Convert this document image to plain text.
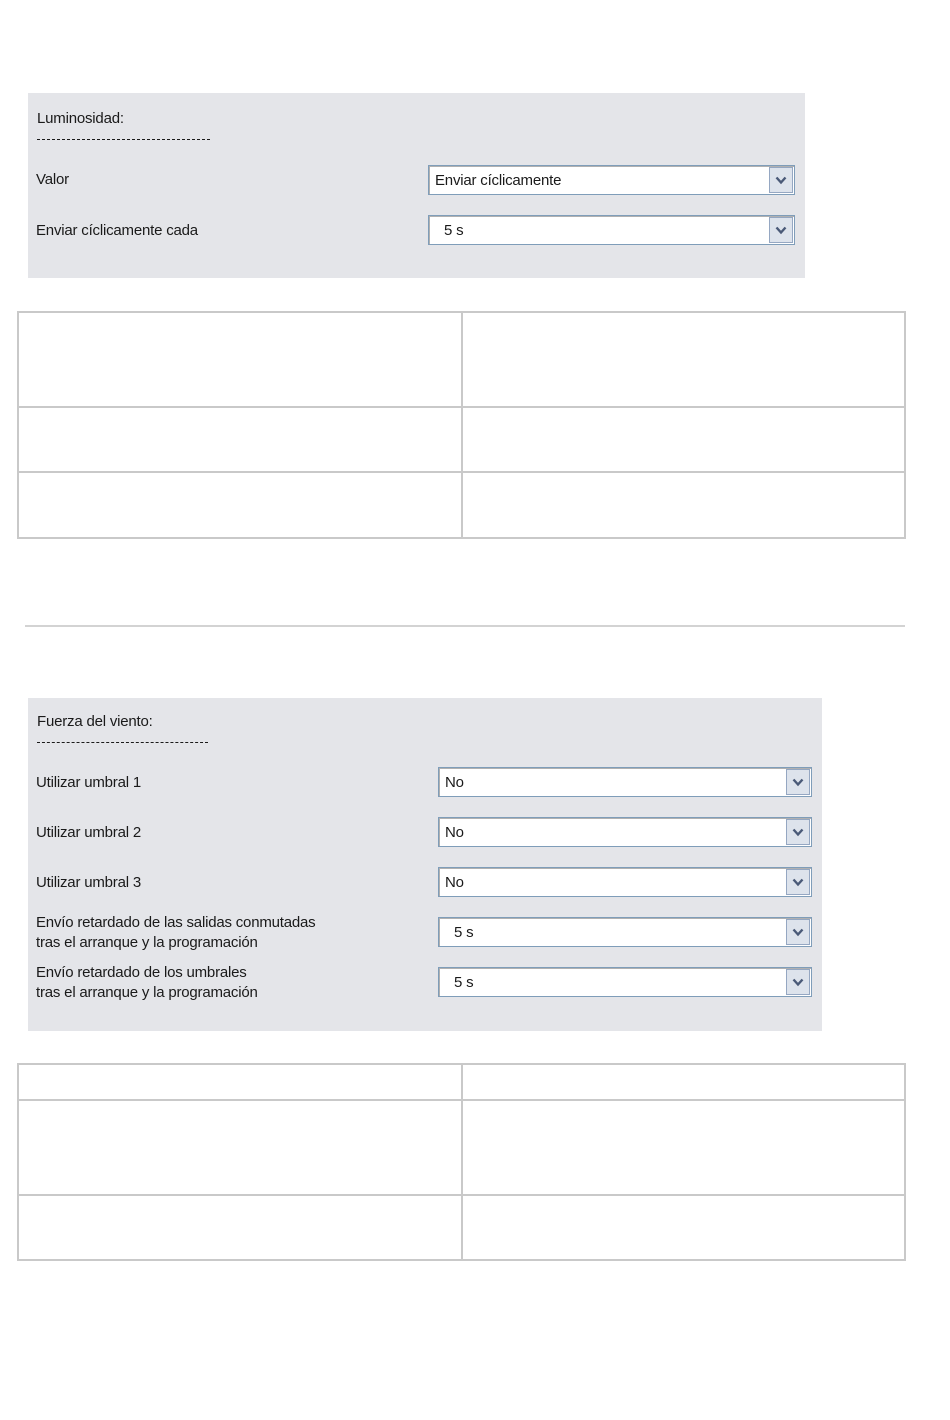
Luminosidad:
Valor	Enviar cíclicamente
Enviar cíclicamente cada	5 s

Fuerza del viento:
Utilizar umbral 1	No
Utilizar umbral 2	No
Utilizar umbral 3	No
Envío retardado de las salidas conmutadas
tras el arranque y la programación
5 s
Envío retardado de los umbrales
tras el arranque y la programación
5 s
